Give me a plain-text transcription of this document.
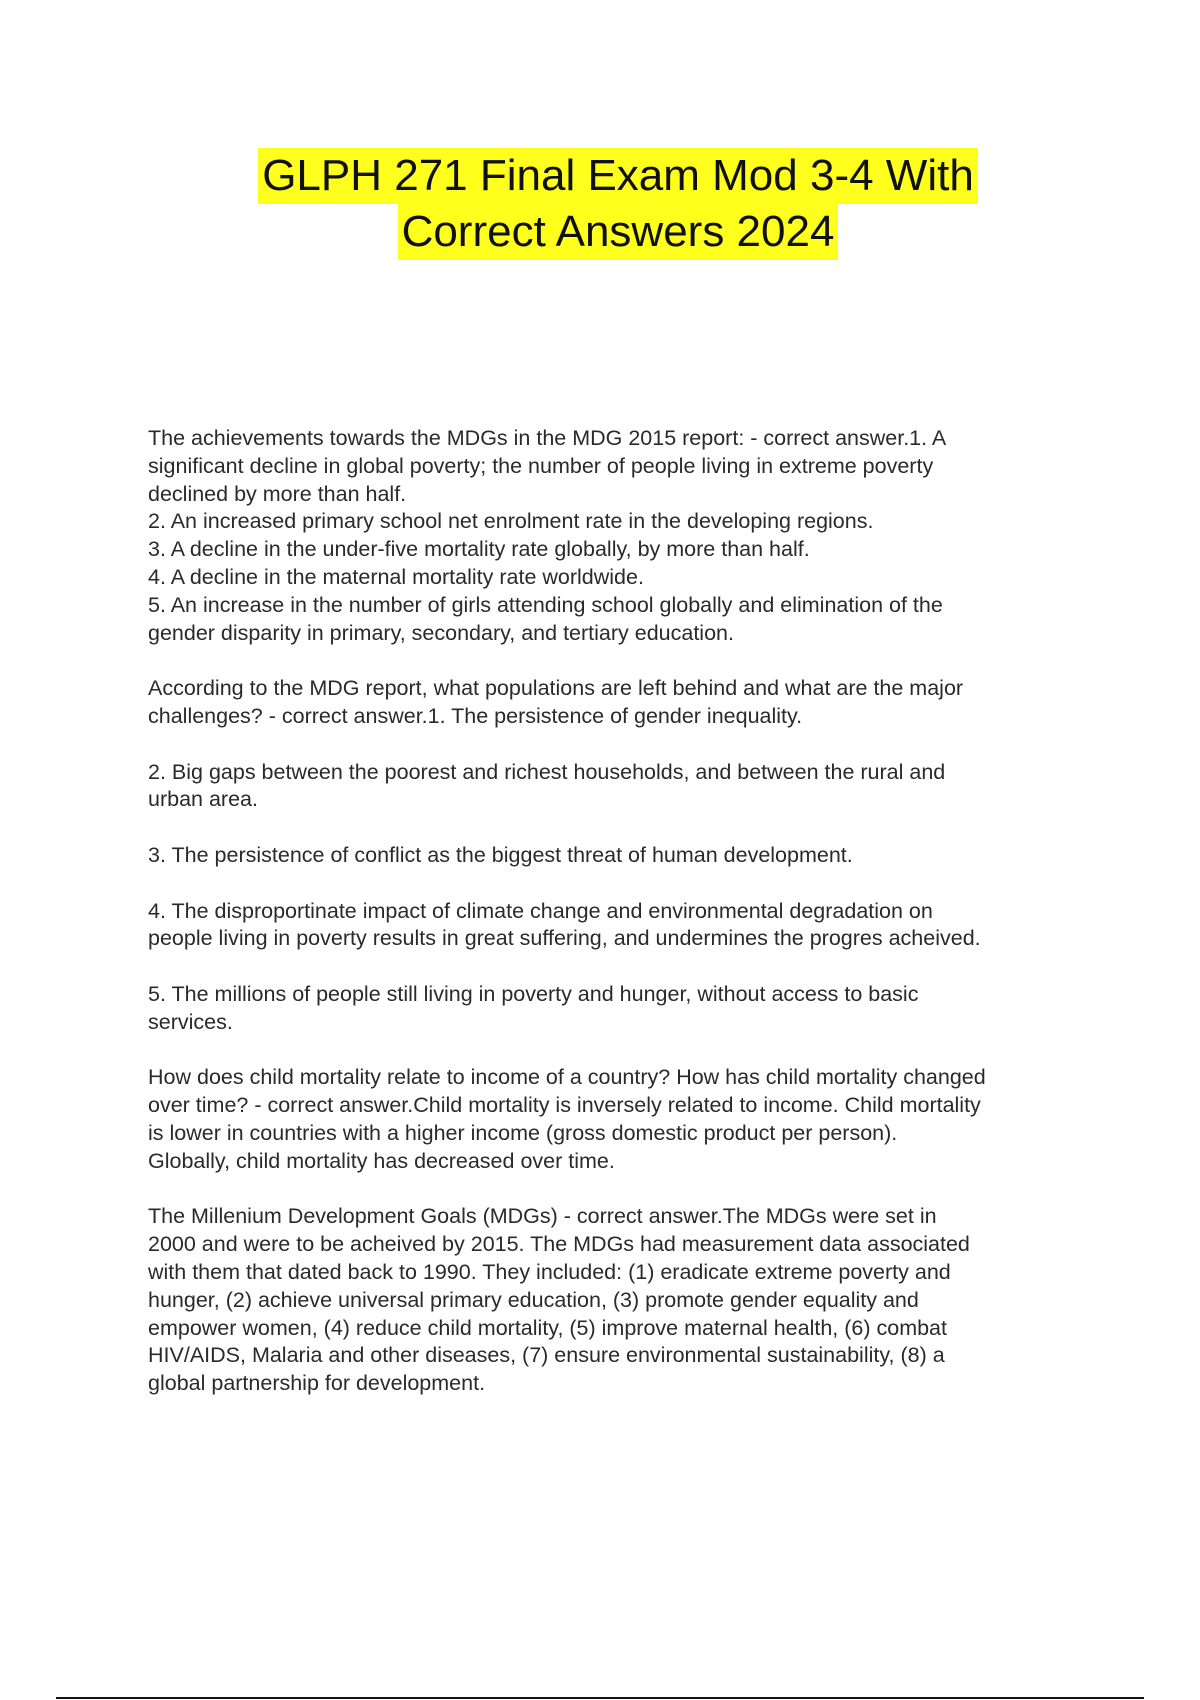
GLPH 271 Final Exam Mod 3-4 With
Correct Answers 2024
The achievements towards the MDGs in the MDG 2015 report: - correct answer.1. A
significant decline in global poverty; the number of people living in extreme poverty
declined by more than half.
2. An increased primary school net enrolment rate in the developing regions.
3. A decline in the under-five mortality rate globally, by more than half.
4. A decline in the maternal mortality rate worldwide.
5. An increase in the number of girls attending school globally and elimination of the
gender disparity in primary, secondary, and tertiary education.
According to the MDG report, what populations are left behind and what are the major
challenges? - correct answer.1. The persistence of gender inequality.
2. Big gaps between the poorest and richest households, and between the rural and
urban area.
3. The persistence of conflict as the biggest threat of human development.
4. The disproportinate impact of climate change and environmental degradation on
people living in poverty results in great suffering, and undermines the progres acheived.
5. The millions of people still living in poverty and hunger, without access to basic
services.
How does child mortality relate to income of a country? How has child mortality changed
over time? - correct answer.Child mortality is inversely related to income. Child mortality
is lower in countries with a higher income (gross domestic product per person).
Globally, child mortality has decreased over time.
The Millenium Development Goals (MDGs) - correct answer.The MDGs were set in
2000 and were to be acheived by 2015. The MDGs had measurement data associated
with them that dated back to 1990. They included: (1) eradicate extreme poverty and
hunger, (2) achieve universal primary education, (3) promote gender equality and
empower women, (4) reduce child mortality, (5) improve maternal health, (6) combat
HIV/AIDS, Malaria and other diseases, (7) ensure environmental sustainability, (8) a
global partnership for development.
